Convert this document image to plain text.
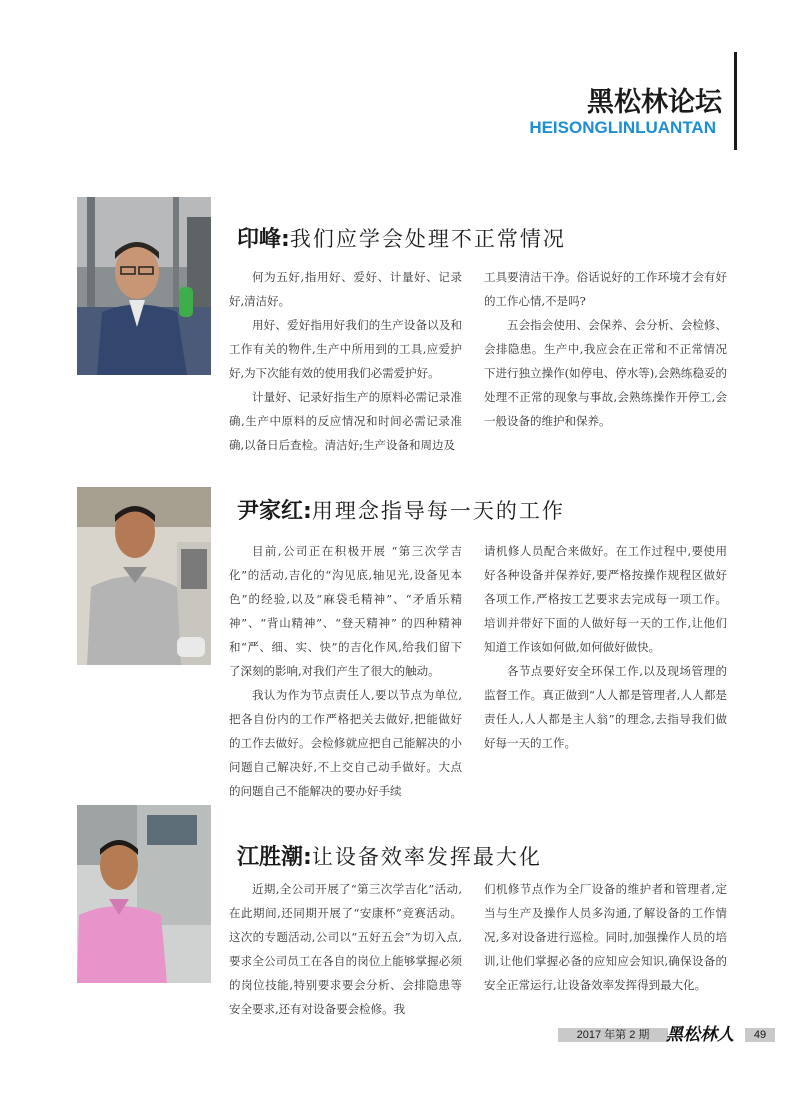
黑松林论坛
HEISONGLINLUANTAN
印峰:我们应学会处理不正常情况

何为五好,指用好、爱好、计量好、记录好,清洁好。

用好、爱好指用好我们的生产设备以及和工作有关的物件,生产中所用到的工具,应爱护好,为下次能有效的使用我们必需爱护好。

计量好、记录好指生产的原料必需记录准确,生产中原料的反应情况和时间必需记录准确,以备日后查检。清洁好;生产设备和周边及

工具要清洁干净。俗话说好的工作环境才会有好的工作心情,不是吗?

五会指会使用、会保养、会分析、会检修、会排隐患。生产中,我应会在正常和不正常情况下进行独立操作(如停电、停水等),会熟练稳妥的处理不正常的现象与事故,会熟练操作开停工,会一般设备的维护和保养。

尹家红:用理念指导每一天的工作

目前,公司正在积极开展 “第三次学吉化”的活动,吉化的“沟见底,轴见光,设备见本色”的经验,以及“麻袋毛精神”、“矛盾乐精神”、“背山精神”、“登天精神” 的四种精神和“严、细、实、快”的吉化作风,给我们留下了深刻的影响,对我们产生了很大的触动。

我认为作为节点责任人,要以节点为单位,把各自份内的工作严格把关去做好,把能做好的工作去做好。会检修就应把自己能解决的小问题自己解决好,不上交自己动手做好。大点的问题自己不能解决的要办好手续

请机修人员配合来做好。在工作过程中,要使用好各种设备并保养好,要严格按操作规程区做好各项工作,严格按工艺要求去完成每一项工作。培训并带好下面的人做好每一天的工作,让他们知道工作该如何做,如何做好做快。

各节点要好安全环保工作,以及现场管理的监督工作。真正做到“人人都是管理者,人人都是责任人,人人都是主人翁”的理念,去指导我们做好每一天的工作。

江胜潮:让设备效率发挥最大化

近期,全公司开展了“第三次学吉化”活动,在此期间,还同期开展了“安康杯”竞赛活动。这次的专题活动,公司以“五好五会”为切入点,要求全公司员工在各自的岗位上能够掌握必须的岗位技能,特别要求要会分析、会排隐患等安全要求,还有对设备要会检修。我

们机修节点作为全厂设备的维护者和管理者,定当与生产及操作人员多沟通,了解设备的工作情况,多对设备进行巡检。同时,加强操作人员的培训,让他们掌握必备的应知应会知识,确保设备的安全正常运行,让设备效率发挥得到最大化。

2017 年第 2 期 黑松林人	49
